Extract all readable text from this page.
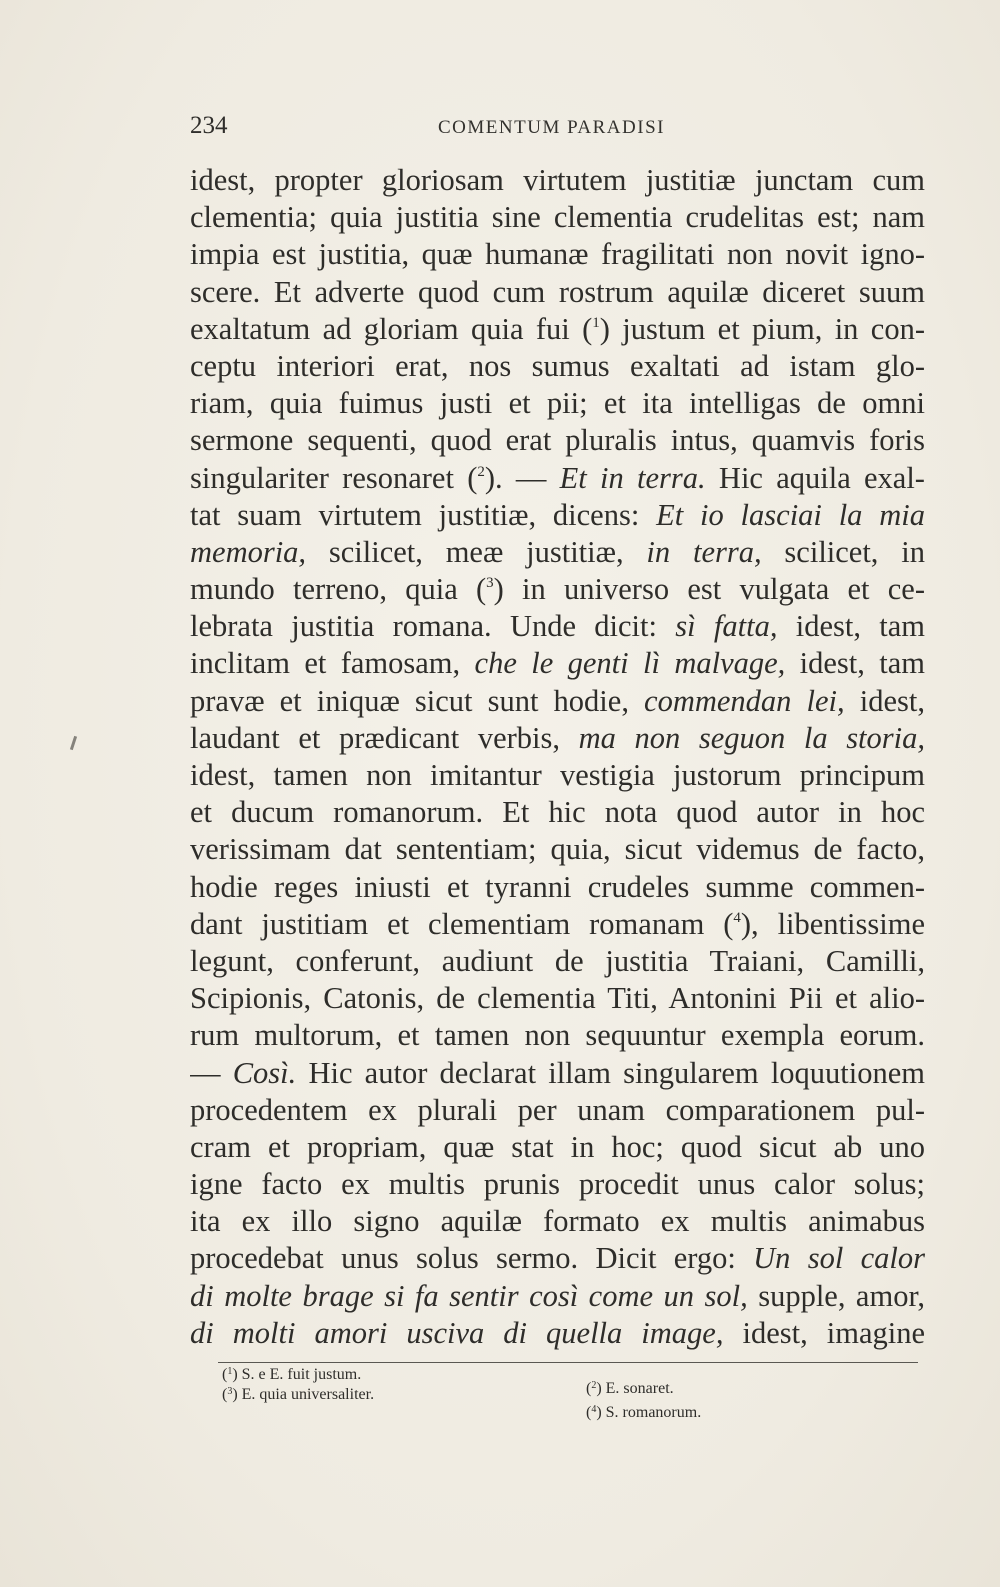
234	COMENTUM PARADISI
idest, propter gloriosam virtutem justitiæ junctam cum
clementia; quia justitia sine clementia crudelitas est; nam
impia est justitia, quæ humanæ fragilitati non novit igno-
scere. Et adverte quod cum rostrum aquilæ diceret suum
exaltatum ad gloriam quia fui ($^1$) justum et pium, in con-
ceptu interiori erat, nos sumus exaltati ad istam glo-
riam, quia fuimus justi et pii; et ita intelligas de omni
sermone sequenti, quod erat pluralis intus, quamvis foris
singulariter resonaret ($^2$). — Et in terra. Hic aquila exal-
tat suam virtutem justitiæ, dicens: Et io lasciai la mia
memoria, scilicet, meæ justitiæ, in terra, scilicet, in
mundo terreno, quia ($^3$) in universo est vulgata et ce-
lebrata justitia romana. Unde dicit: sì fatta, idest, tam
inclitam et famosam, che le genti lì malvage, idest, tam
pravæ et iniquæ sicut sunt hodie, commendan lei, idest,
laudant et prædicant verbis, ma non seguon la storia,
idest, tamen non imitantur vestigia justorum principum
et ducum romanorum. Et hic nota quod autor in hoc
verissimam dat sententiam; quia, sicut videmus de facto,
hodie reges iniusti et tyranni crudeles summe commen-
dant justitiam et clementiam romanam ($^4$), libentissime
legunt, conferunt, audiunt de justitia Traiani, Camilli,
Scipionis, Catonis, de clementia Titi, Antonini Pii et alio-
rum multorum, et tamen non sequuntur exempla eorum.
— Così. Hic autor declarat illam singularem loquutionem
procedentem ex plurali per unam comparationem pul-
cram et propriam, quæ stat in hoc; quod sicut ab uno
igne facto ex multis prunis procedit unus calor solus;
ita ex illo signo aquilæ formato ex multis animabus
procedebat unus solus sermo. Dicit ergo: Un sol calor
di molte brage si fa sentir così come un sol, supple, amor,
di molti amori usciva di quella image, idest, imagine
($^1$) S. e E. fuit justum.
($^3$) E. quia universaliter.	($^2$) E. sonaret.
($^4$) S. romanorum.
